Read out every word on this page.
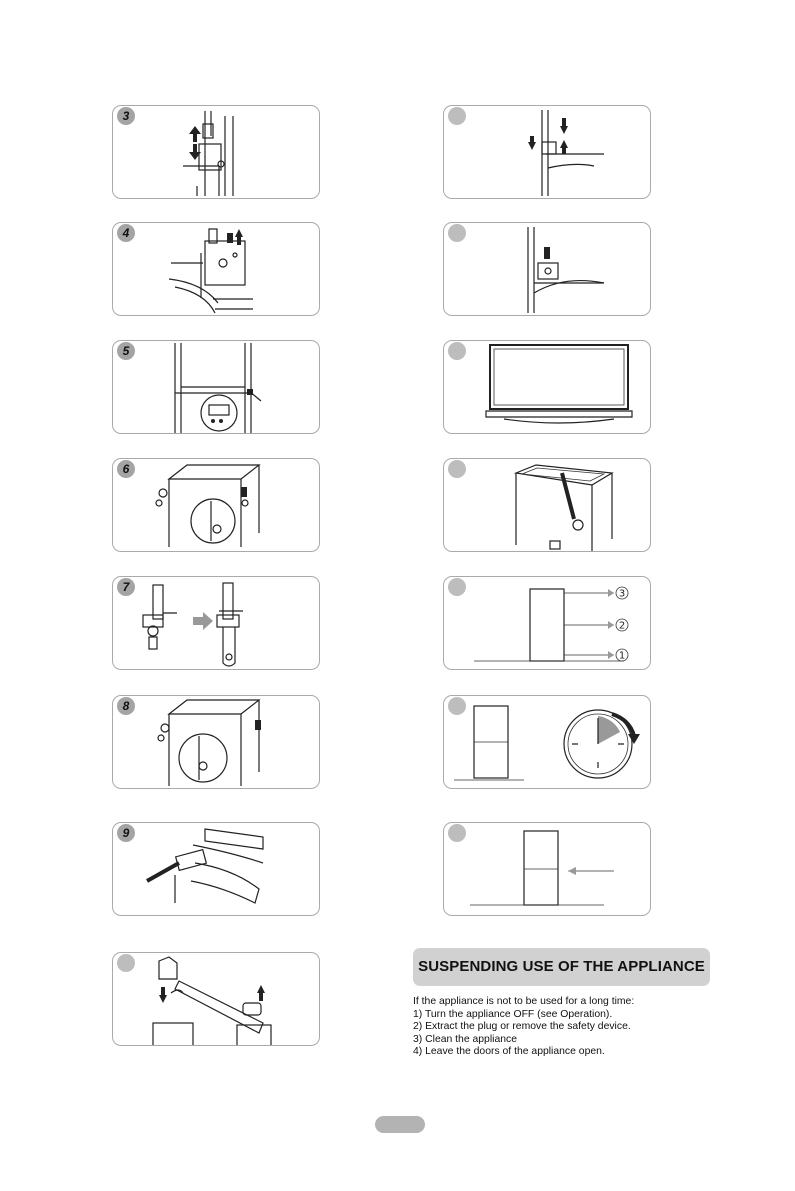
3
4
5
6
7
8
9
3
2
1
SUSPENDING USE OF THE APPLIANCE
If the appliance is not to be used for a long time:
1) Turn the appliance OFF (see Operation).
2) Extract the plug or remove the safety device.
3) Clean the appliance
4) Leave the doors of the appliance open.
